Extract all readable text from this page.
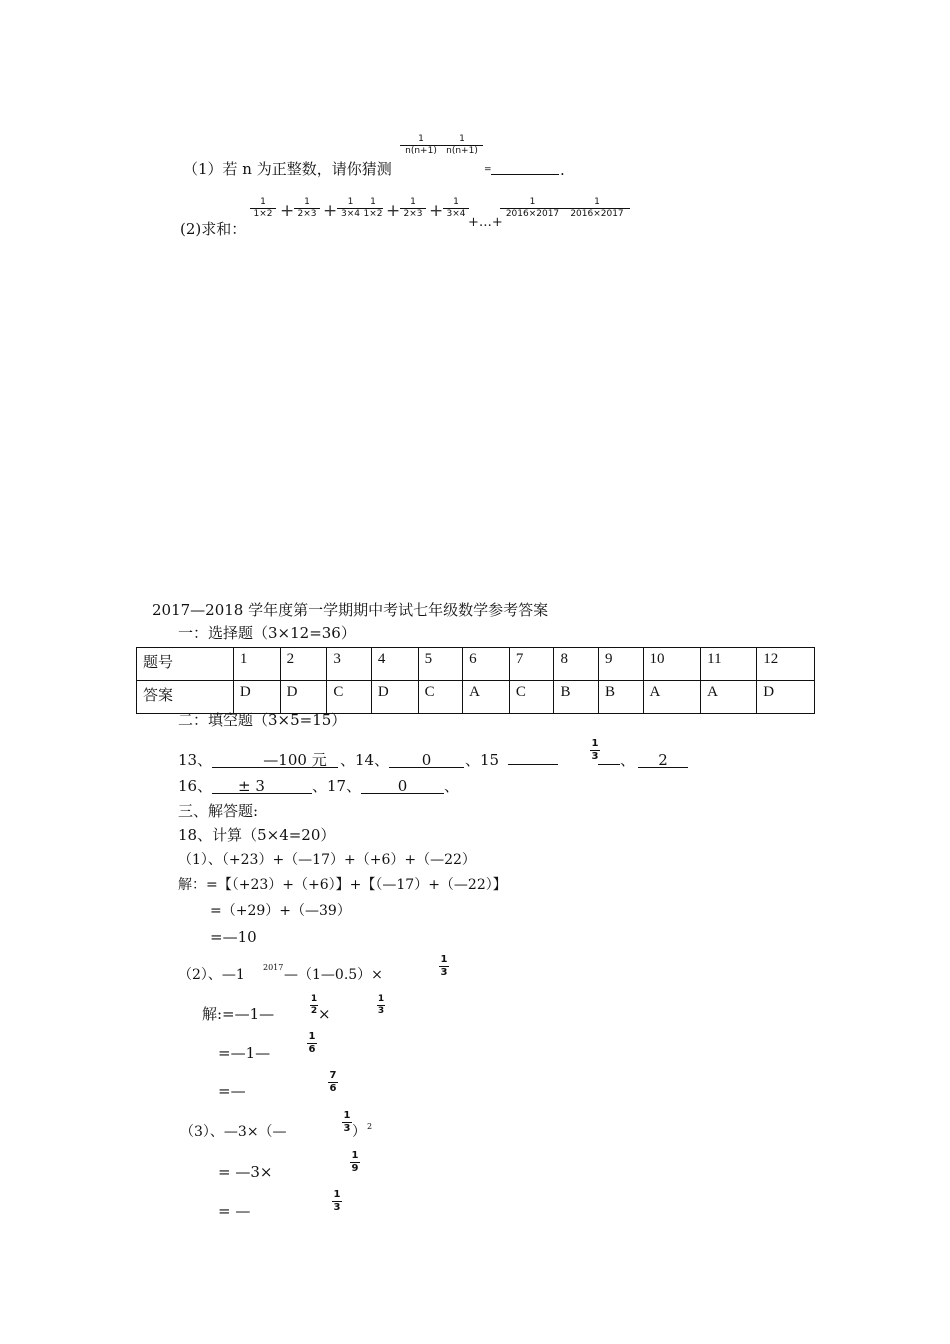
（1）若 n 为正整数，请你猜测
1
n(n+1)
1
n(n+1)
=	.
(2)求和：
1
1×2 +	1
2×3 +	1
3×4
1
1×2 +	1
2×3 +	1
3×4
+…+
1
2016×2017
1
2016×2017
2017—2018 学年度第一学期期中考试七年级数学参考答案
一：选择题（3×12=36）
题号	1	2	3	4	5	6	7	8	9	10	11	12
答案	D	D	C	D	C	A	C	B	B	A	A	D
二：填空题（3×5=15）
13、	—100 元 、14、	0	、15
1
3 、	2
16、	± 3	、17、	0	、
三、解答题:
18、计算（5×4=20）
（1）、（+23）+（—17）+（+6）+（—22）
解：=【（+23）+（+6）】+【（—17）+（—22）】
=（+29）+（—39）
=—10
（2）、—1 2017 —（1—0.5）×
1
3
解:=—1—
1
2 ×
1
3
=—1—
1
6
=—
7
6
（3）、—3×（—
1
3 ） 2
= —3×
1
9
= —
1
3
